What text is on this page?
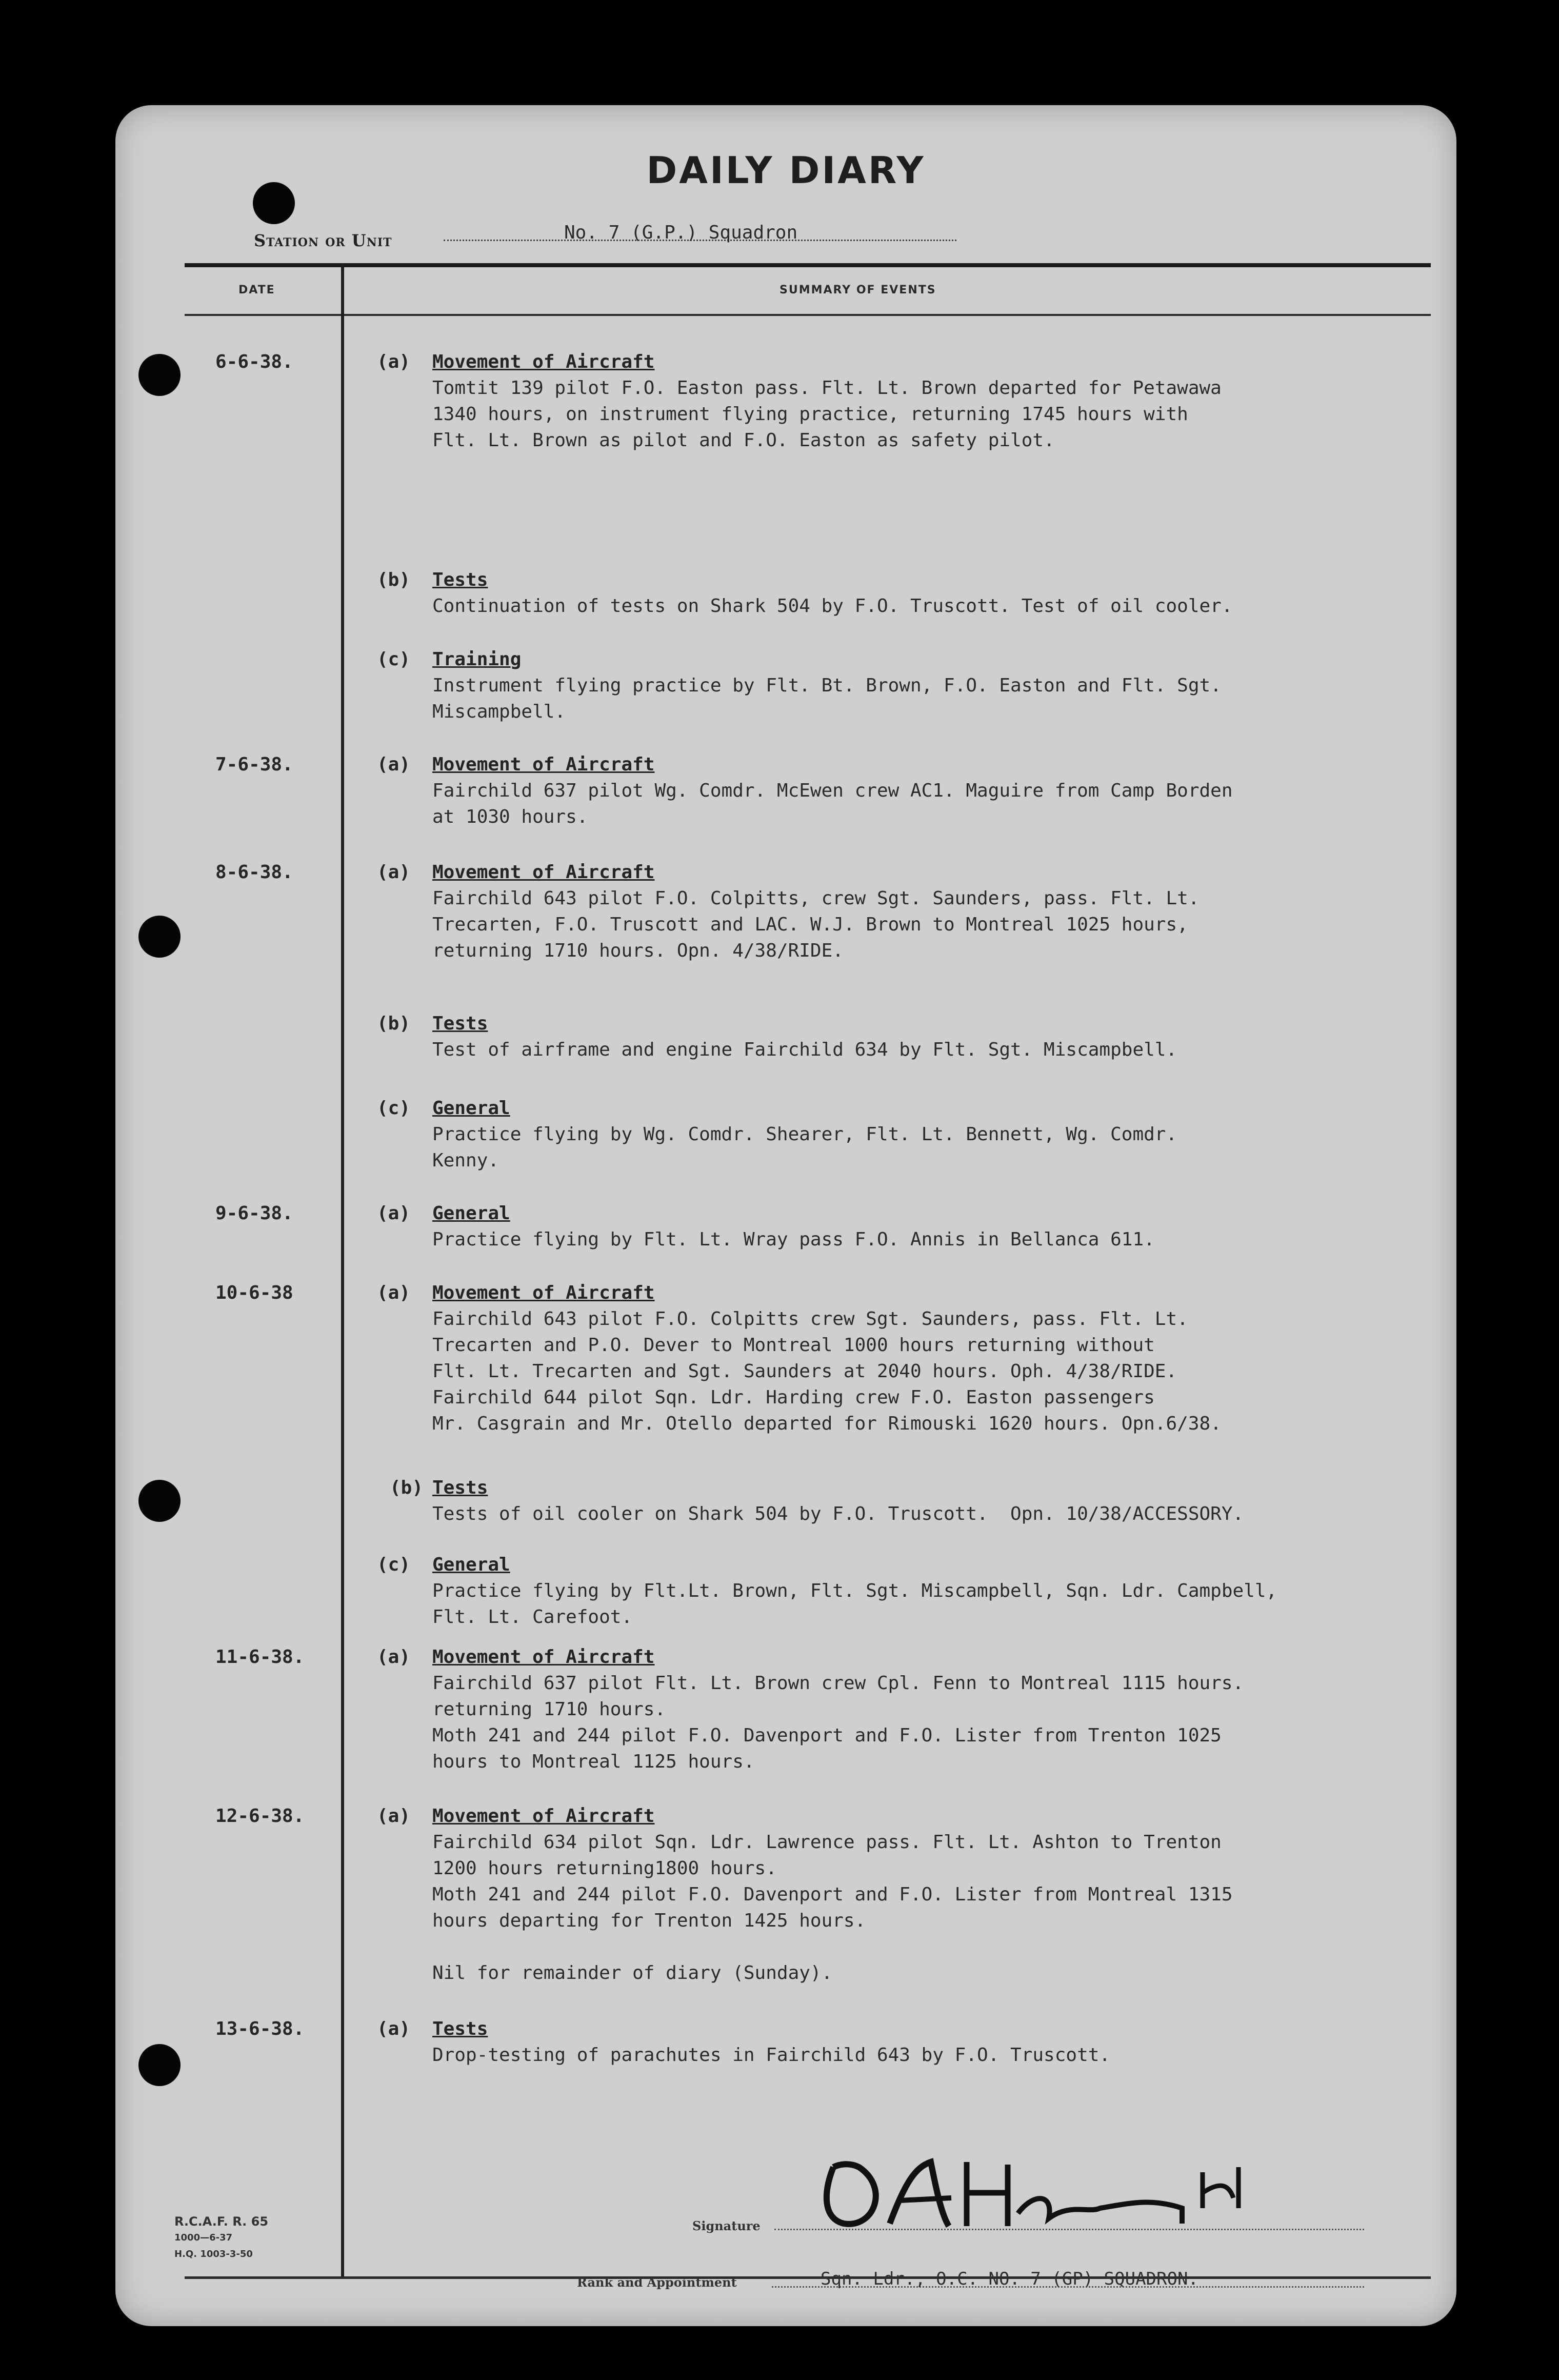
DAILY DIARY
Station or Unit	No. 7 (G.P.) Squadron
DATE	SUMMARY OF EVENTS
6-6-38.	(a) Movement of Aircraft
Tomtit 139 pilot F.O. Easton pass. Flt. Lt. Brown departed for Petawawa
1340 hours, on instrument flying practice, returning 1745 hours with
Flt. Lt. Brown as pilot and F.O. Easton as safety pilot.
(b) Tests
Continuation of tests on Shark 504 by F.O. Truscott. Test of oil cooler.
(c) Training
Instrument flying practice by Flt. Bt. Brown, F.O. Easton and Flt. Sgt.
Miscampbell.
7-6-38.	(a) Movement of Aircraft
Fairchild 637 pilot Wg. Comdr. McEwen crew AC1. Maguire from Camp Borden
at 1030 hours.
8-6-38.	(a) Movement of Aircraft
Fairchild 643 pilot F.O. Colpitts, crew Sgt. Saunders, pass. Flt. Lt.
Trecarten, F.O. Truscott and LAC. W.J. Brown to Montreal 1025 hours,
returning 1710 hours. Opn. 4/38/RIDE.
(b) Tests
Test of airframe and engine Fairchild 634 by Flt. Sgt. Miscampbell.
(c) General
Practice flying by Wg. Comdr. Shearer, Flt. Lt. Bennett, Wg. Comdr.
Kenny.
9-6-38.	(a) General
Practice flying by Flt. Lt. Wray pass F.O. Annis in Bellanca 611.
10-6-38	(a) Movement of Aircraft
Fairchild 643 pilot F.O. Colpitts crew Sgt. Saunders, pass. Flt. Lt.
Trecarten and P.O. Dever to Montreal 1000 hours returning without
Flt. Lt. Trecarten and Sgt. Saunders at 2040 hours. Oph. 4/38/RIDE.
Fairchild 644 pilot Sqn. Ldr. Harding crew F.O. Easton passengers
Mr. Casgrain and Mr. Otello departed for Rimouski 1620 hours. Opn.6/38.
(b) Tests
Tests of oil cooler on Shark 504 by F.O. Truscott.  Opn. 10/38/ACCESSORY.
(c) General
Practice flying by Flt.Lt. Brown, Flt. Sgt. Miscampbell, Sqn. Ldr. Campbell,
Flt. Lt. Carefoot.
11-6-38.	(a) Movement of Aircraft
Fairchild 637 pilot Flt. Lt. Brown crew Cpl. Fenn to Montreal 1115 hours.
returning 1710 hours.
Moth 241 and 244 pilot F.O. Davenport and F.O. Lister from Trenton 1025
hours to Montreal 1125 hours.
12-6-38.	(a) Movement of Aircraft
Fairchild 634 pilot Sqn. Ldr. Lawrence pass. Flt. Lt. Ashton to Trenton
1200 hours returning1800 hours.
Moth 241 and 244 pilot F.O. Davenport and F.O. Lister from Montreal 1315
hours departing for Trenton 1425 hours.
Nil for remainder of diary (Sunday).
13-6-38.	(a) Tests
Drop-testing of parachutes in Fairchild 643 by F.O. Truscott.
R.C.A.F. R. 65
1000—6-37
H.Q. 1003-3-50
Signature
Rank and Appointment	Sqn. Ldr., O.C. NO. 7 (GP) SQUADRON.
